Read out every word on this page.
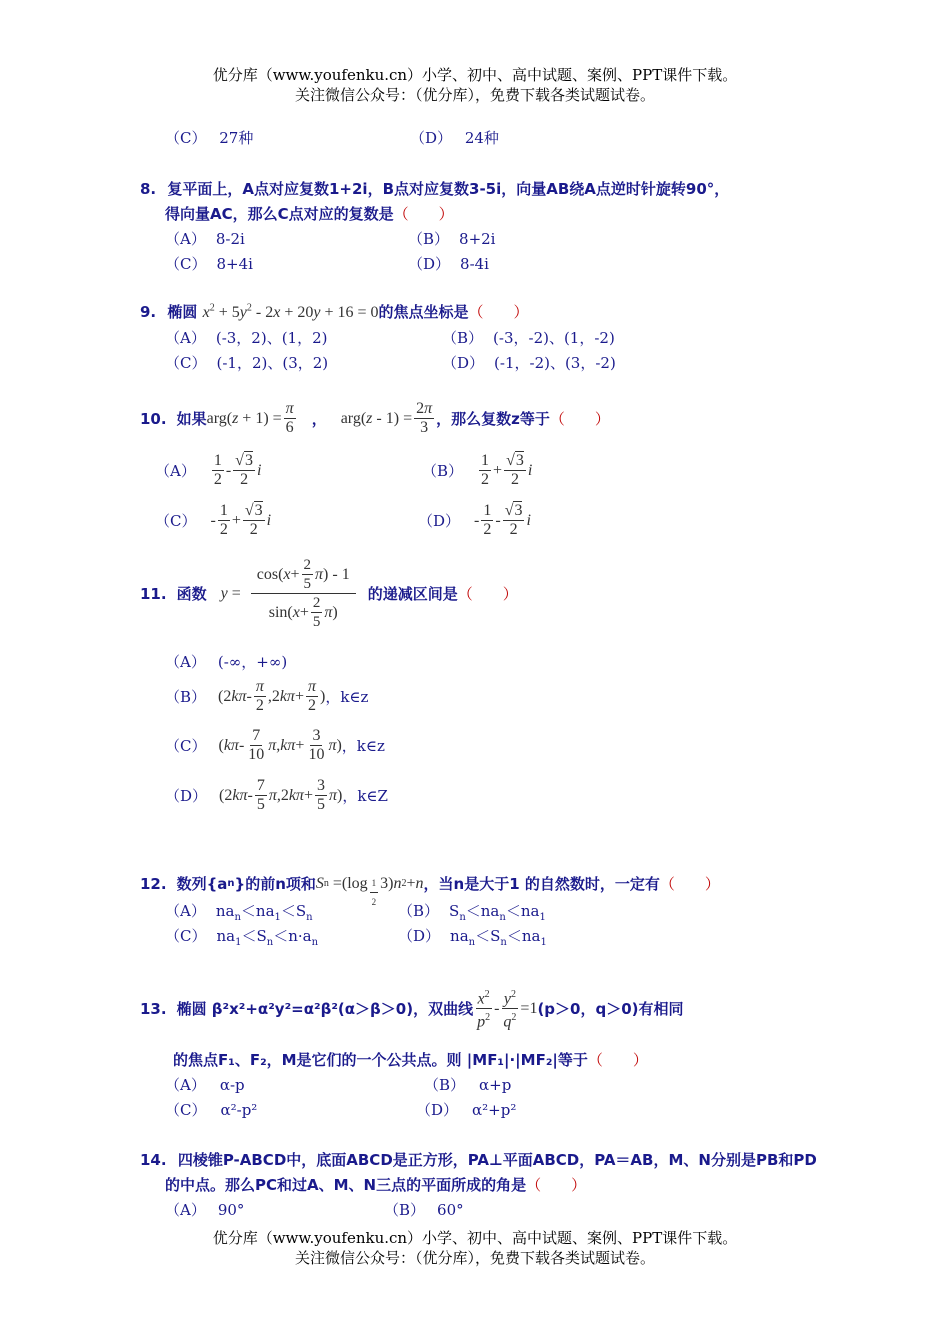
优分库（www.youfenku.cn）小学、初中、高中试题、案例、PPT课件下载。
关注微信公众号：（优分库），免费下载各类试题试卷。
（C） 27种	（D） 24种
8. 复平面上，A点对应复数1+2i，B点对应复数3-5i，向量AB绕A点逆时针旋转90°，
得向量AC，那么C点对应的复数是（　　）
（A） 8-2i	（B） 8+2i
（C） 8+4i	（D） 8-4i
9. 椭圆 $x^2 + 5y^2 - 2x + 20y + 16 = 0$的焦点坐标是（　　）
（A） (-3，2)、(1，2)	（B） (-3，-2)、(1，-2)
（C） (-1，2)、(3，2)	（D） (-1，-2)、(3，-2)
10. 如果 $arg(z + 1) = \frac{\pi}{6}$ ， $arg(z - 1) = \frac{2\pi}{3}$ ，那么复数z等于 （　　）
$(A) \frac{1}{2} - \frac{√3}{2}$ i	$(B) \frac{1}{2} + \frac{√3}{2}$ i
$(C) - \frac{1}{2} + \frac{√3}{2}$ i	$(D) - \frac{1}{2} - \frac{√3}{2}$ i
11. 函数 $y = \frac{\cos( x + \frac{2}{5} \pi ) - 1}{\sin( x + \frac{2}{5} \pi )}$ 的递减区间是 （　　）
（A） (-∞，+∞)
（B） (2 kπ - $\frac{\pi}{2} ,2$ $k\pi + \frac{\pi}{2}$ ) ，k∈z
（C） ( kπ - $\frac{7}{10}$ π , $k\pi + \frac{3}{10}$ π ) ，k∈z
（D） (2 kπ - $\frac{7}{5}$ π ,2 $k\pi + \frac{3}{5}$ π ) ，k∈Z
12. 数列{a n }的前n项和 S $n =(\log \frac{1}{2} 3)$ n 2 + n ，当n是大于1 的自然数时，一定有 （　　）
（A） $na_n<na_1<S_n$	（B） $S_n<na_n<na_1$
（C） $na_1<S_n<n\cdot a_n$	（D） $na_n<S_n<na_1$
13. 椭圆 β²x²+α²y²=α²β²(α＞β＞0)，双曲线 $\frac{x^2}{p^2} - \frac{y^2}{q^2} =1$ (p＞0，q＞0)有相同
的焦点F₁、F₂，M是它们的一个公共点。则 |MF₁|·|MF₂|等于（　　）
（A） α-p	（B） α+p
（C） α²-p²	（D） α²+p²
14. 四棱锥P-ABCD中，底面ABCD是正方形，PA⊥平面ABCD，PA＝AB，M、N分别是PB和PD
的中点。那么PC和过A、M、N三点的平面所成的角是（　　）
（A） 90°	（B） 60°
优分库（www.youfenku.cn）小学、初中、高中试题、案例、PPT课件下载。
关注微信公众号：（优分库），免费下载各类试题试卷。
